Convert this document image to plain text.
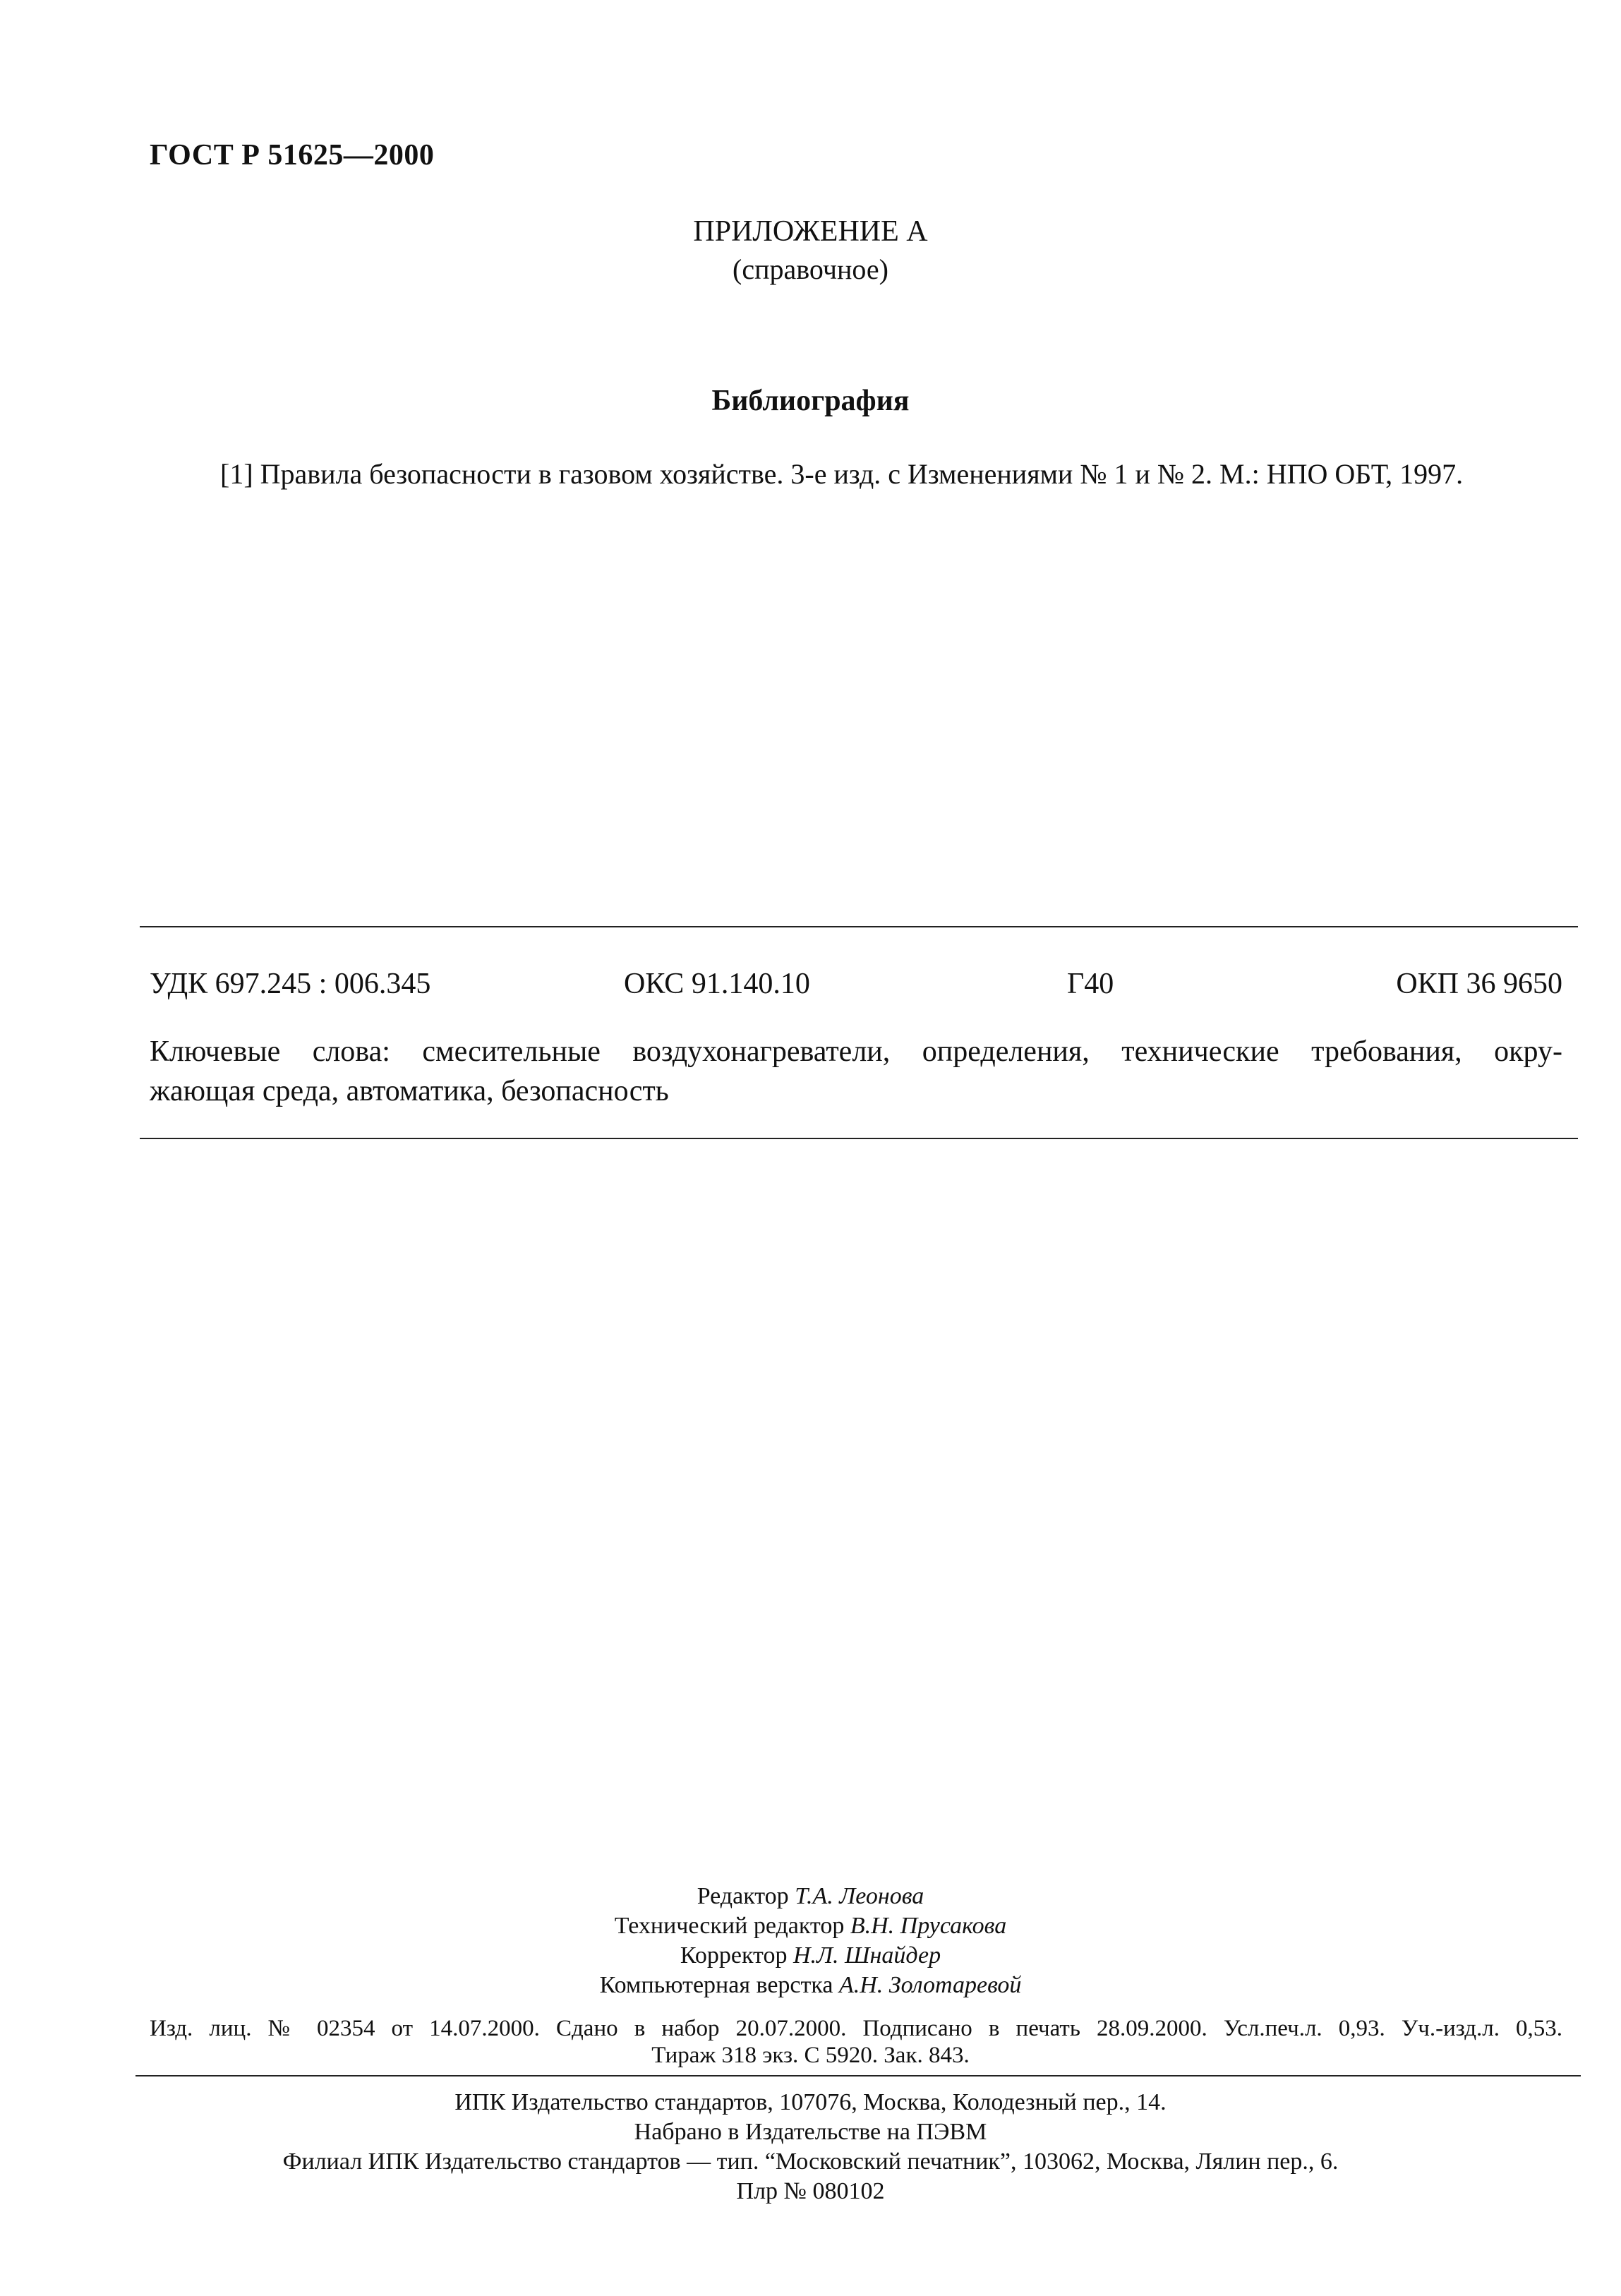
ГОСТ Р 51625—2000
ПРИЛОЖЕНИЕ А
(справочное)
Библиография
[1] Правила безопасности в газовом хозяйстве. 3-е изд. с Изменениями № 1 и № 2. М.: НПО ОБТ, 1997.
УДК 697.245 : 006.345	ОКС 91.140.10	Г40	ОКП 36 9650
Ключевые слова: смесительные воздухонагреватели, определения, технические требования, окру-
жающая среда, автоматика, безопасность
Редактор Т.А. Леонова
Технический редактор В.Н. Прусакова
Корректор Н.Л. Шнайдер
Компьютерная верстка А.Н. Золотаревой
Изд. лиц. № 02354 от 14.07.2000. Сдано в набор 20.07.2000. Подписано в печать 28.09.2000. Усл.печ.л. 0,93. Уч.-изд.л. 0,53.
Тираж 318 экз. С 5920. Зак. 843.
ИПК Издательство стандартов, 107076, Москва, Колодезный пер., 14.
Набрано в Издательстве на ПЭВМ
Филиал ИПК Издательство стандартов — тип. “Московский печатник”, 103062, Москва, Лялин пер., 6.
Плр № 080102
